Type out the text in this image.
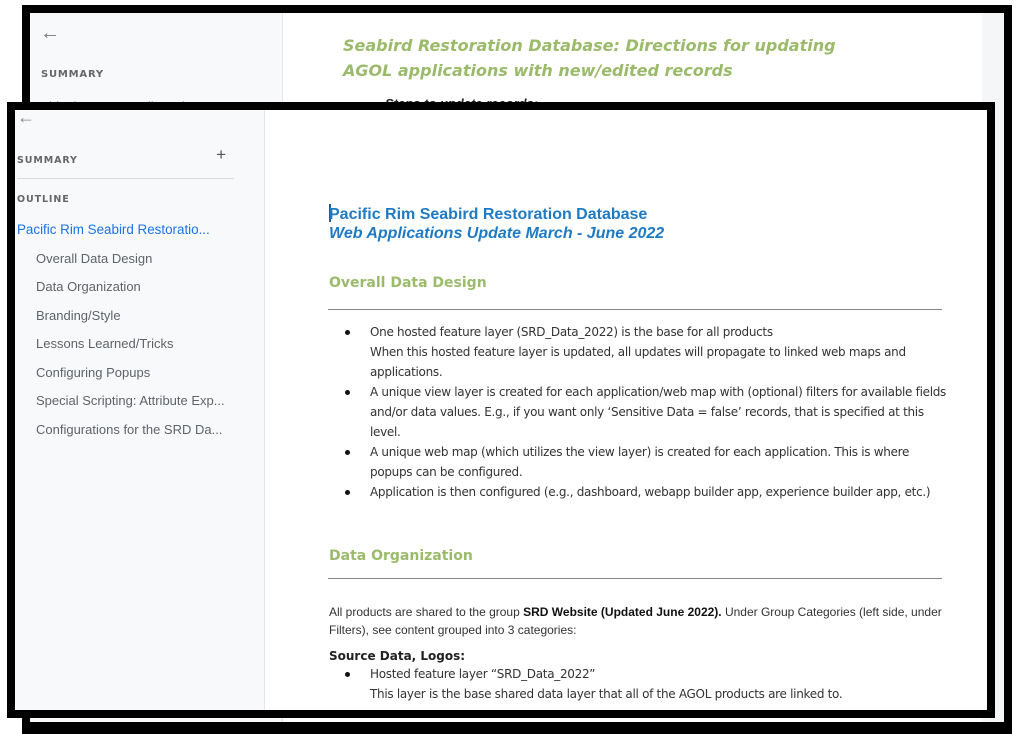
←
SUMMARY
Seabird Restoration Database: Directions for updating AGOL applications with new/edited records
←
SUMMARY	+
OUTLINE
Pacific Rim Seabird Restoratio...
Overall Data Design
Data Organization
Branding/Style
Lessons Learned/Tricks
Configuring Popups
Special Scripting: Attribute Exp...
Configurations for the SRD Da...
Pacific Rim Seabird Restoration Database
Web Applications Update March - June 2022
Overall Data Design
One hosted feature layer (SRD_Data_2022) is the base for all products
When this hosted feature layer is updated, all updates will propagate to linked web maps and applications.
A unique view layer is created for each application/web map with (optional) filters for available fields and/or data values. E.g., if you want only ‘Sensitive Data = false’ records, that is specified at this level.
A unique web map (which utilizes the view layer) is created for each application. This is where popups can be configured.
Application is then configured (e.g., dashboard, webapp builder app, experience builder app, etc.)
Data Organization
All products are shared to the group SRD Website (Updated June 2022). Under Group Categories (left side, under Filters), see content grouped into 3 categories:
Source Data, Logos:
Hosted feature layer “SRD_Data_2022”
This layer is the base shared data layer that all of the AGOL products are linked to.
